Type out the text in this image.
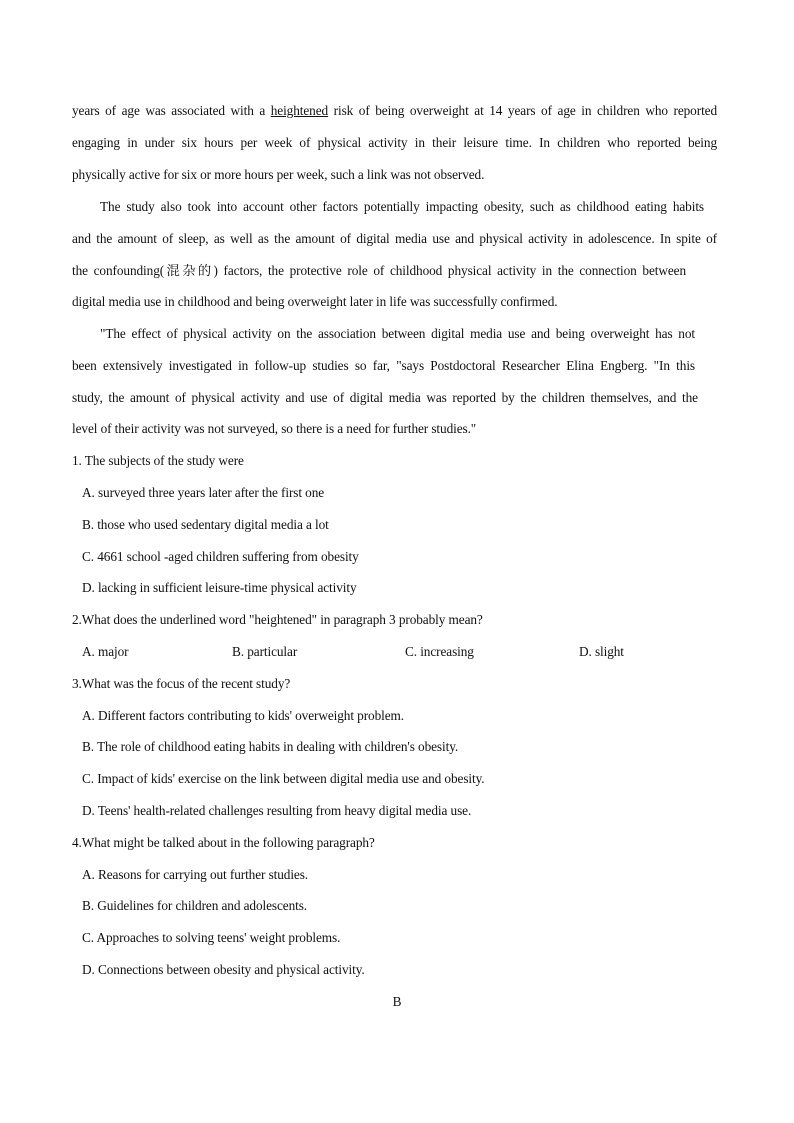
years of age was associated with a heightened risk of being overweight at 14 years of age in children who reported
engaging in under six hours per week of physical activity in their leisure time. In children who reported being
physically active for six or more hours per week, such a link was not observed.
The study also took into account other factors potentially impacting obesity, such as childhood eating habits
and the amount of sleep, as well as the amount of digital media use and physical activity in adolescence. In spite of
the confounding(混杂的) factors, the protective role of childhood physical activity in the connection between
digital media use in childhood and being overweight later in life was successfully confirmed.
"The effect of physical activity on the association between digital media use and being overweight has not
been extensively investigated in follow-up studies so far, "says Postdoctoral Researcher Elina Engberg. "In this
study, the amount of physical activity and use of digital media was reported by the children themselves, and the
level of their activity was not surveyed, so there is a need for further studies."
1. The subjects of the study were
A. surveyed three years later after the first one
B. those who used sedentary digital media a lot
C. 4661 school -aged children suffering from obesity
D. lacking in sufficient leisure-time physical activity
2.What does the underlined word "heightened" in paragraph 3 probably mean?
A. major	B. particular	C. increasing	D. slight
3.What was the focus of the recent study?
A. Different factors contributing to kids' overweight problem.
B. The role of childhood eating habits in dealing with children's obesity.
C. Impact of kids' exercise on the link between digital media use and obesity.
D. Teens' health-related challenges resulting from heavy digital media use.
4.What might be talked about in the following paragraph?
A. Reasons for carrying out further studies.
B. Guidelines for children and adolescents.
C. Approaches to solving teens' weight problems.
D. Connections between obesity and physical activity.
B
